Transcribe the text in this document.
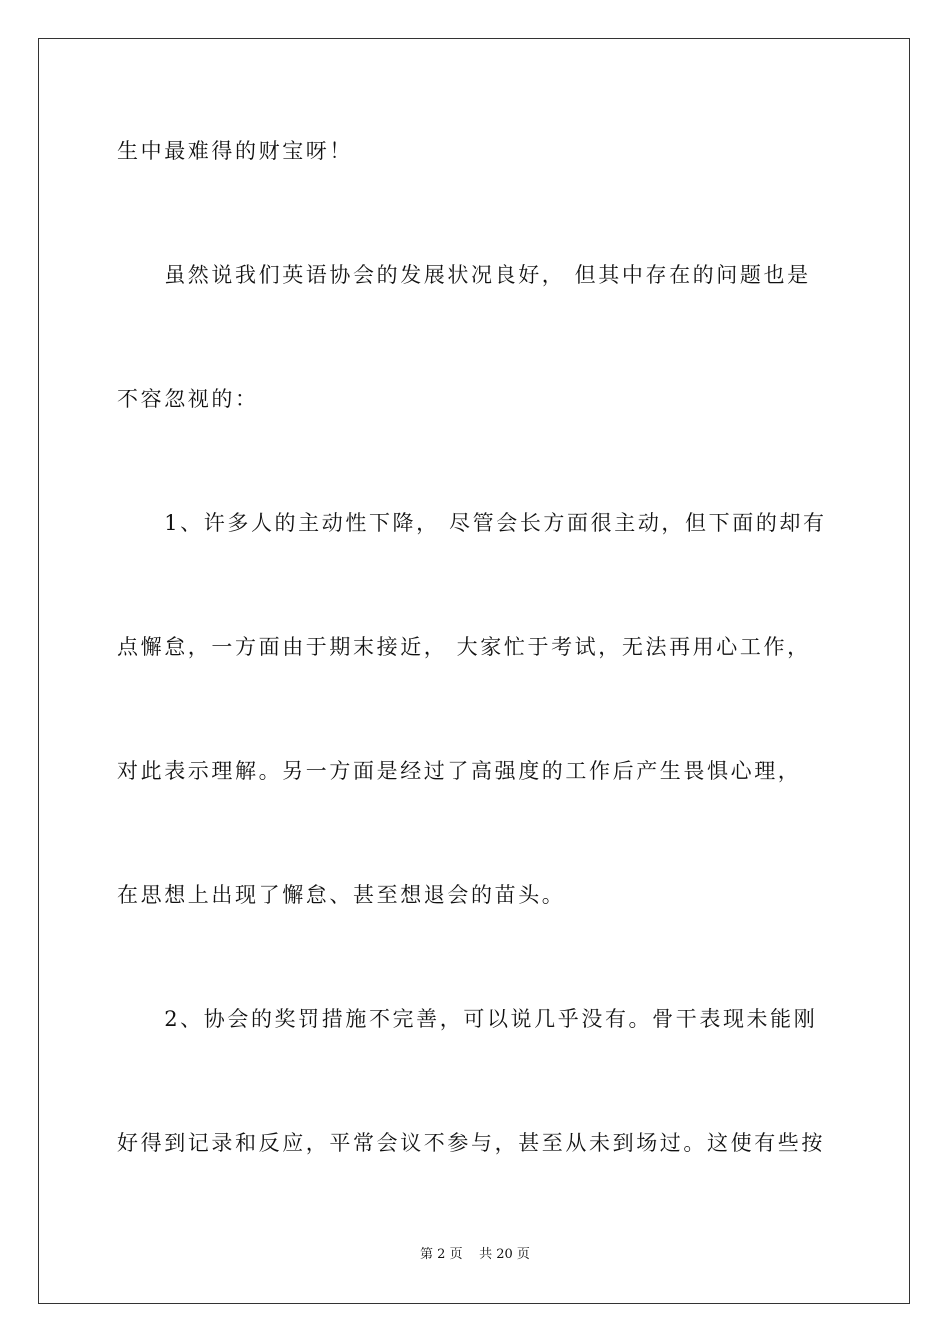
生中最难得的财宝呀！
　　虽然说我们英语协会的发展状况良好， 但其中存在的问题也是
不容忽视的：
　　1、许多人的主动性下降， 尽管会长方面很主动，但下面的却有
点懈怠，一方面由于期末接近， 大家忙于考试，无法再用心工作，
对此表示理解。另一方面是经过了高强度的工作后产生畏惧心理，
在思想上出现了懈怠、甚至想退会的苗头。
　　2、协会的奖罚措施不完善，可以说几乎没有。骨干表现未能刚
好得到记录和反应，平常会议不参与，甚至从未到场过。这使有些按
第 2 页 共 20 页
